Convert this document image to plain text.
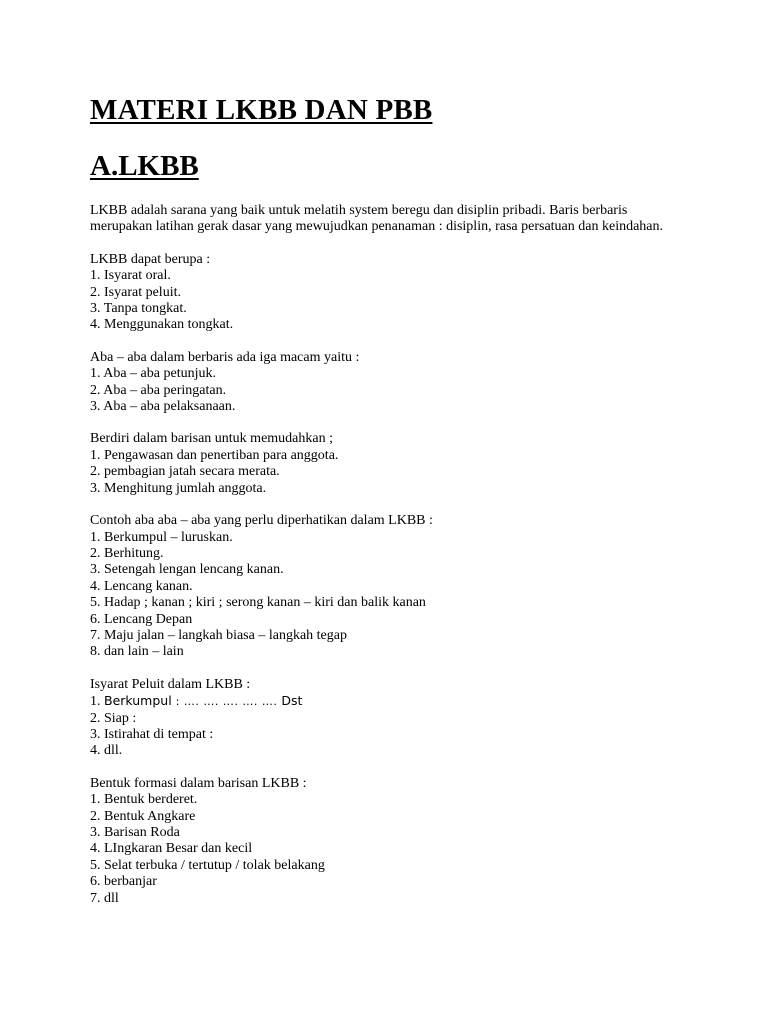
MATERI LKBB DAN PBB
A.LKBB
LKBB adalah sarana yang baik untuk melatih system beregu dan disiplin pribadi. Baris berbaris
merupakan latihan gerak dasar yang mewujudkan penanaman : disiplin, rasa persatuan dan keindahan.
LKBB dapat berupa :
1. Isyarat oral.
2. Isyarat peluit.
3. Tanpa tongkat.
4. Menggunakan tongkat.
Aba – aba dalam berbaris ada iga macam yaitu :
1. Aba – aba petunjuk.
2. Aba – aba peringatan.
3. Aba – aba pelaksanaan.
Berdiri dalam barisan untuk memudahkan ;
1. Pengawasan dan penertiban para anggota.
2. pembagian jatah secara merata.
3. Menghitung jumlah anggota.
Contoh aba aba – aba yang perlu diperhatikan dalam LKBB :
1. Berkumpul – luruskan.
2. Berhitung.
3. Setengah lengan lencang kanan.
4. Lencang kanan.
5. Hadap ; kanan ; kiri ; serong kanan – kiri dan balik kanan
6. Lencang Depan
7. Maju jalan – langkah biasa – langkah tegap
8. dan lain – lain
Isyarat Peluit dalam LKBB :
1. Berkumpul : …. …. …. …. …. Dst
2. Siap :
3. Istirahat di tempat :
4. dll.
Bentuk formasi dalam barisan LKBB :
1. Bentuk berderet.
2. Bentuk Angkare
3. Barisan Roda
4. LIngkaran Besar dan kecil
5. Selat terbuka / tertutup / tolak belakang
6. berbanjar
7. dll
